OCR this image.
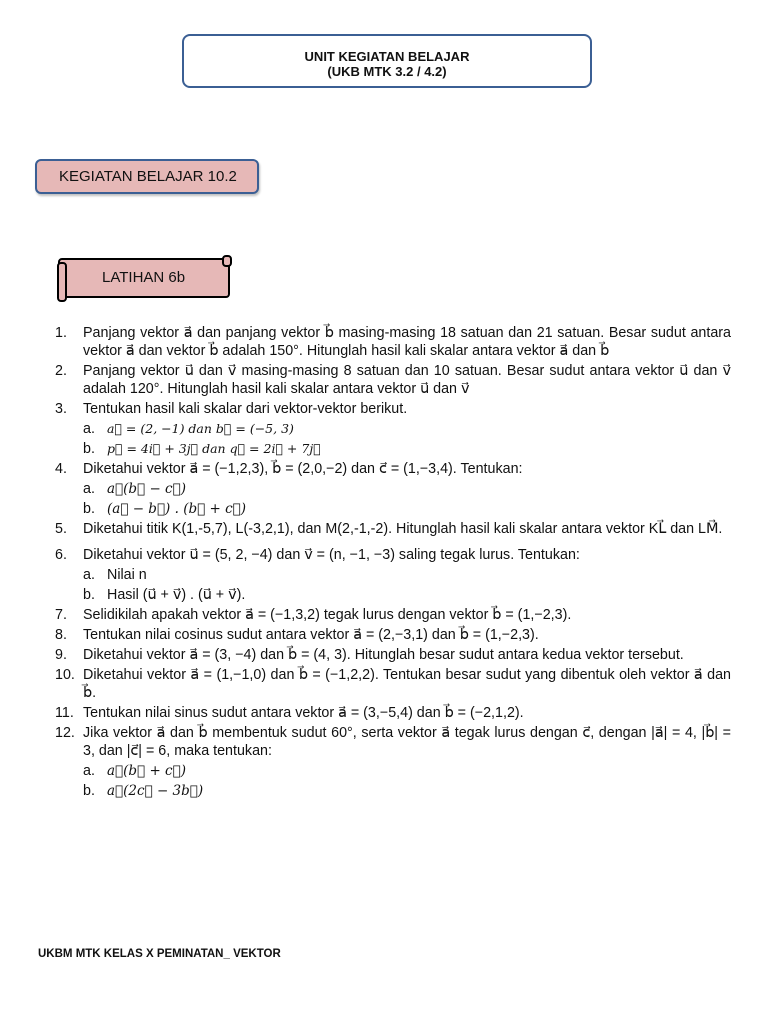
UNIT KEGIATAN BELAJAR
(UKB MTK 3.2 / 4.2)
KEGIATAN BELAJAR 10.2
LATIHAN 6b
1.	Panjang vektor a⃗ dan panjang vektor b⃗ masing-masing 18 satuan dan 21 satuan. Besar sudut antara vektor a⃗ dan vektor b⃗ adalah 150°. Hitunglah hasil kali skalar antara vektor a⃗ dan b⃗
2.	Panjang vektor u⃗ dan v⃗ masing-masing 8 satuan dan 10 satuan. Besar sudut antara vektor u⃗ dan v⃗ adalah 120°. Hitunglah hasil kali skalar antara vektor u⃗ dan v⃗
3.	Tentukan hasil kali skalar dari vektor-vektor berikut.
a. a⃗ = (2, −1) dan b⃗ = (−5, 3)
b. p⃗ = 4i⃗ + 3j⃗ dan q⃗ = 2i⃗ + 7j⃗
4.	Diketahui vektor a⃗ = (−1,2,3), b⃗ = (2,0,−2) dan c⃗ = (1,−3,4). Tentukan:
a. a⃗(b⃗ − c⃗)
b. (a⃗ − b⃗) . (b⃗ + c⃗)
5.	Diketahui titik K(1,-5,7), L(-3,2,1), dan M(2,-1,-2). Hitunglah hasil kali skalar antara vektor KL⃗ dan LM⃗.
6.	Diketahui vektor u⃗ = (5, 2, −4) dan v⃗ = (n, −1, −3) saling tegak lurus. Tentukan:
a. Nilai n
b. Hasil (u⃗ + v⃗) . (u⃗ + v⃗).
7.	Selidikilah apakah vektor a⃗ = (−1,3,2) tegak lurus dengan vektor b⃗ = (1,−2,3).
8.	Tentukan nilai cosinus sudut antara vektor a⃗ = (2,−3,1) dan b⃗ = (1,−2,3).
9.	Diketahui vektor a⃗ = (3, −4) dan b⃗ = (4, 3). Hitunglah besar sudut antara kedua vektor tersebut.
10. Diketahui vektor a⃗ = (1,−1,0) dan b⃗ = (−1,2,2). Tentukan besar sudut yang dibentuk oleh vektor a⃗ dan b⃗.
11. Tentukan nilai sinus sudut antara vektor a⃗ = (3,−5,4) dan b⃗ = (−2,1,2).
12. Jika vektor a⃗ dan b⃗ membentuk sudut 60°, serta vektor a⃗ tegak lurus dengan c⃗, dengan |a⃗| = 4, |b⃗| = 3, dan |c⃗| = 6, maka tentukan:
a. a⃗(b⃗ + c⃗)
b. a⃗(2c⃗ − 3b⃗)
UKBM MTK KELAS X PEMINATAN_ VEKTOR
